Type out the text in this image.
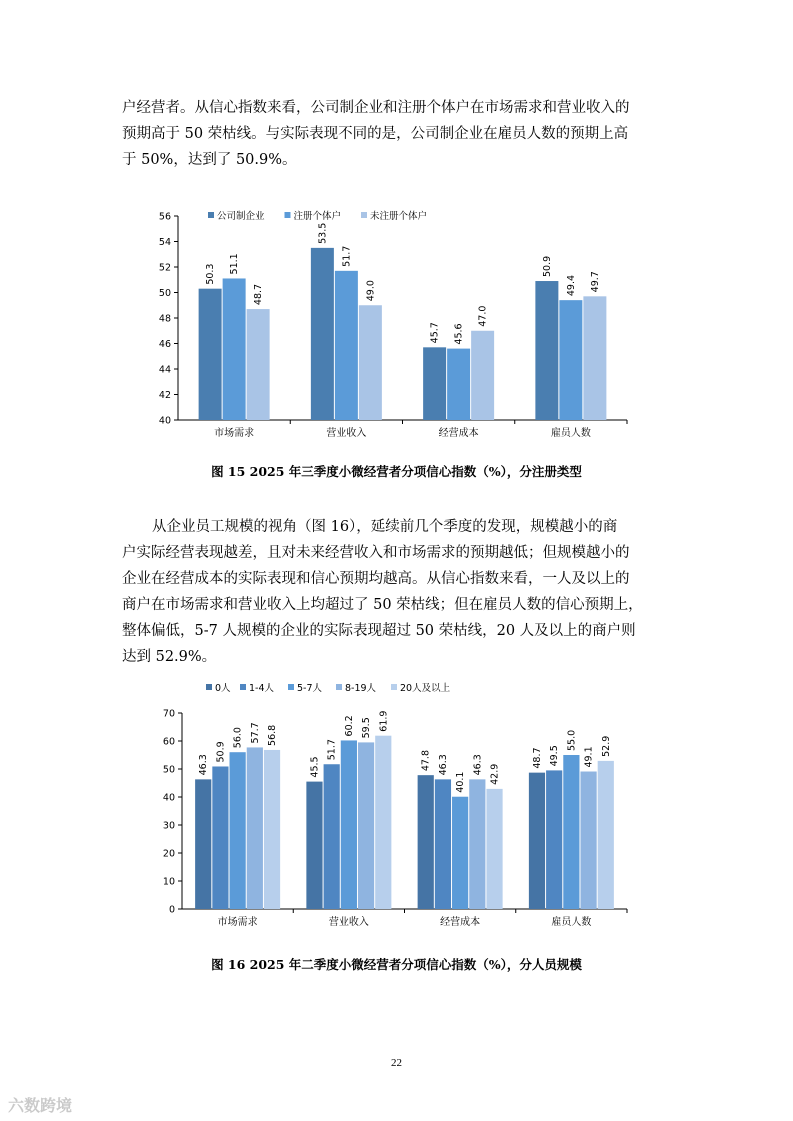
户经营者。从信心指数来看，公司制企业和注册个体户在市场需求和营业收入的

预期高于 50 荣枯线。与实际表现不同的是，公司制企业在雇员人数的预期上高

于 50%，达到了 50.9%。

40
42
44
46
48
50
52
54
56
市场需求
50.3 51.1
48.7
营业收入
53.5
51.7
49.0
经营成本
45.7 45.6
47.0
雇员人数
50.9
49.4 49.7
公司制企业	注册个体户	未注册个体户
图 15 2025 年三季度小微经营者分项信心指数（%），分注册类型

从企业员工规模的视角（图 16），延续前几个季度的发现，规模越小的商

户实际经营表现越差，且对未来经营收入和市场需求的预期越低；但规模越小的

企业在经营成本的实际表现和信心预期均越高。从信心指数来看，一人及以上的

商户在市场需求和营业收入上均超过了 50 荣枯线；但在雇员人数的信心预期上，

整体偏低，5-7 人规模的企业的实际表现超过 50 荣枯线，20 人及以上的商户则

达到 52.9%。

0
10
20
30
40
50
60
70
市场需求
46.3
50.9
56.0 57.7 56.8
营业收入
45.5
51.7
60.2 59.5 61.9
经营成本
47.8 46.3
40.1
46.3 42.9
雇员人数
48.7 49.5
55.0
49.1
52.9
0人 1-4人 5-7人 8-19人	20人及以上
图 16 2025 年二季度小微经营者分项信心指数（%），分人员规模
22
六数跨境
